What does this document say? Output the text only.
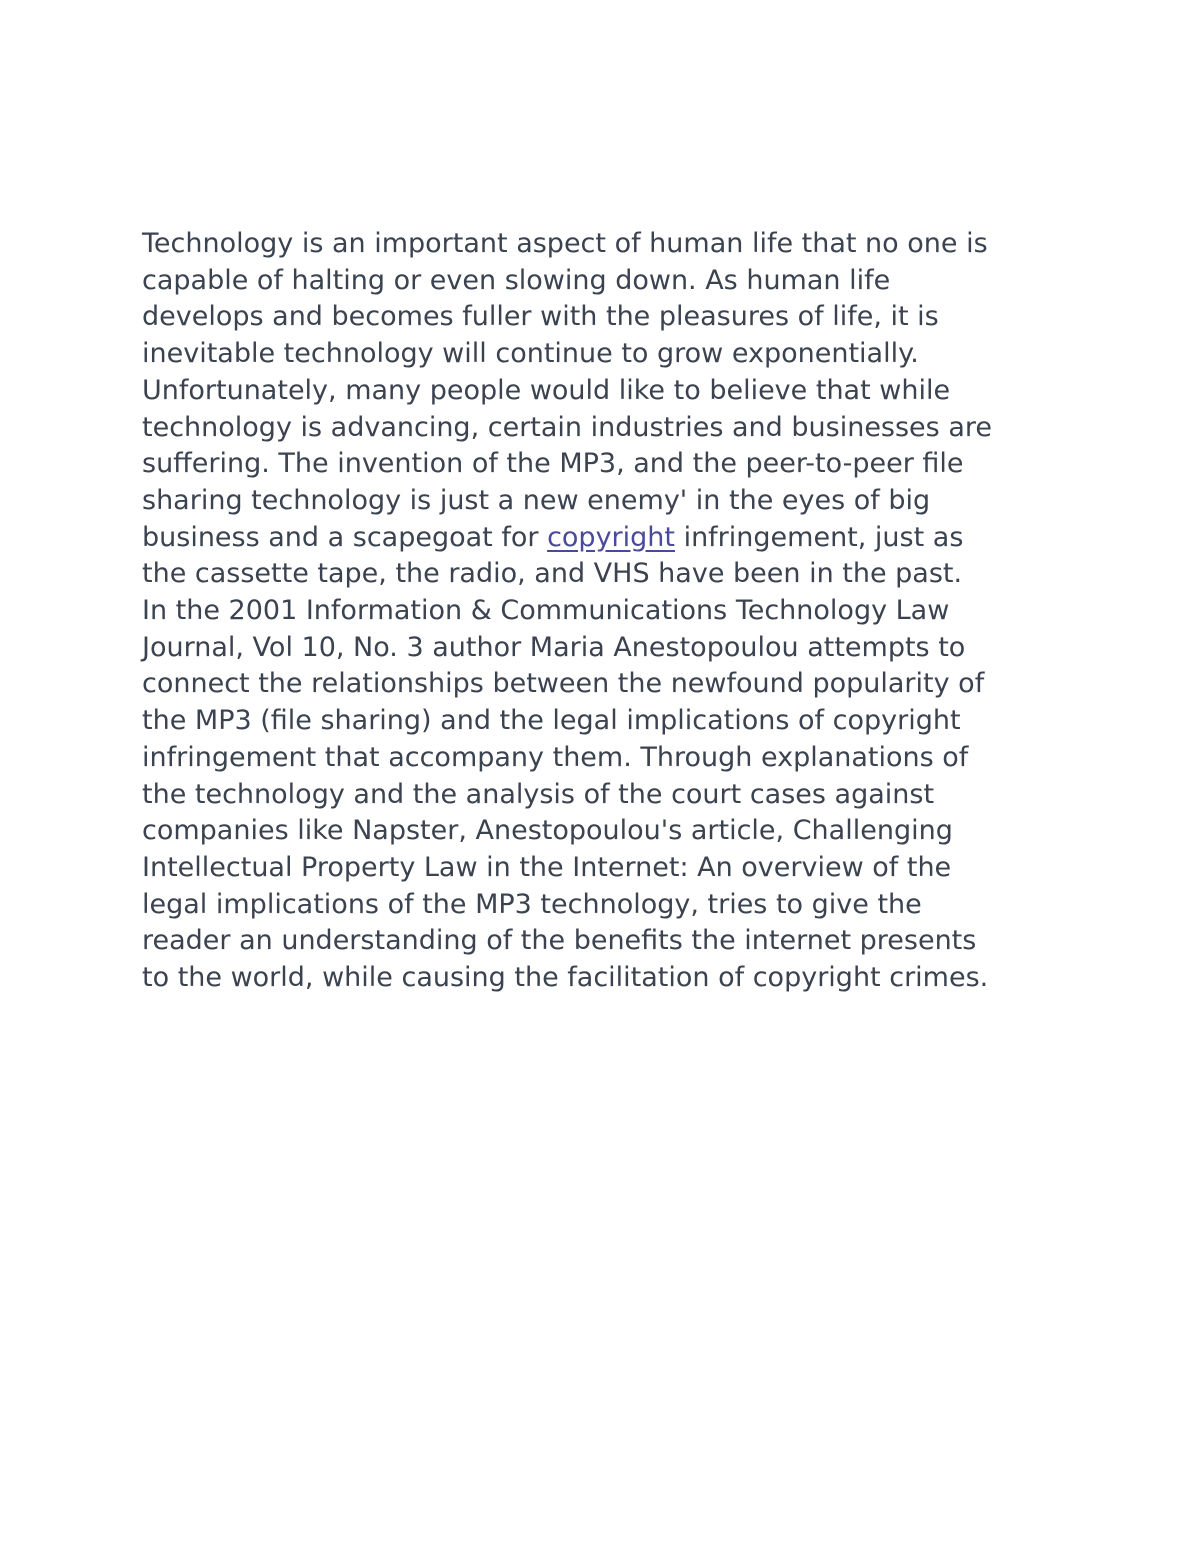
Technology is an important aspect of human life that no one is
capable of halting or even slowing down. As human life
develops and becomes fuller with the pleasures of life, it is
inevitable technology will continue to grow exponentially.
Unfortunately, many people would like to believe that while
technology is advancing, certain industries and businesses are
suffering. The invention of the MP3, and the peer-to-peer file
sharing technology is just a new enemy' in the eyes of big
business and a scapegoat for copyright infringement, just as
the cassette tape, the radio, and VHS have been in the past.
In the 2001 Information & Communications Technology Law
Journal, Vol 10, No. 3 author Maria Anestopoulou attempts to
connect the relationships between the newfound popularity of
the MP3 (file sharing) and the legal implications of copyright
infringement that accompany them. Through explanations of
the technology and the analysis of the court cases against
companies like Napster, Anestopoulou's article, Challenging
Intellectual Property Law in the Internet: An overview of the
legal implications of the MP3 technology, tries to give the
reader an understanding of the benefits the internet presents
to the world, while causing the facilitation of copyright crimes.
